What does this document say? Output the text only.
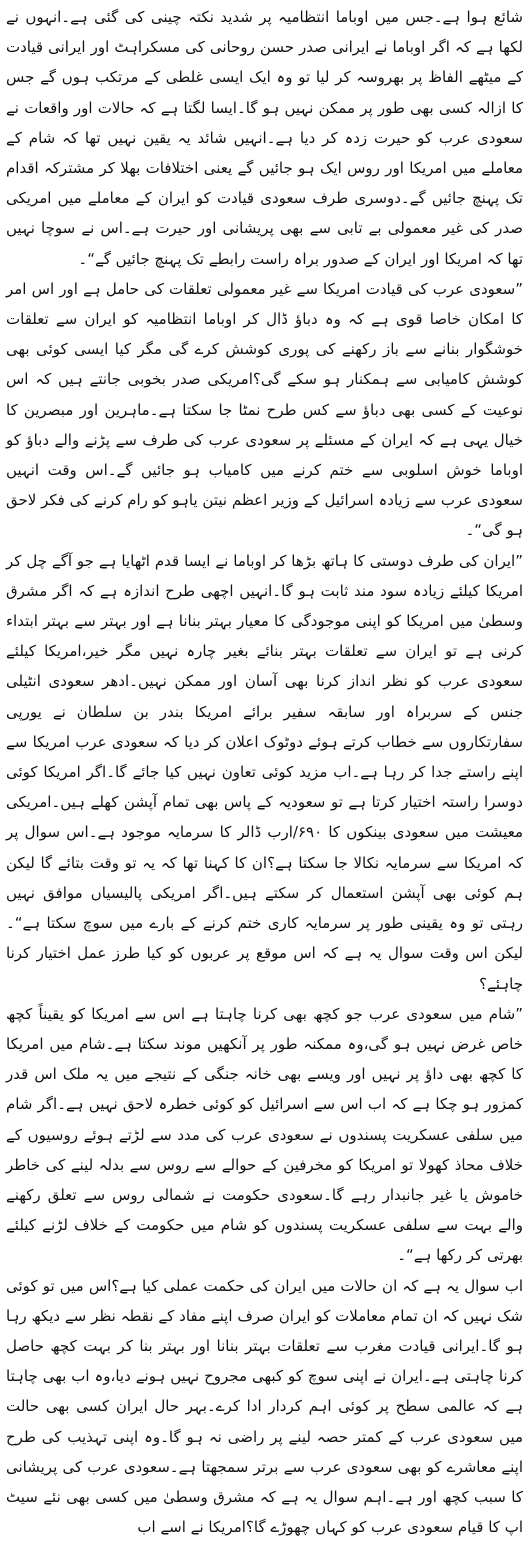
شائع ہوا ہے۔جس میں اوباما انتظامیہ پر شدید نکتہ چینی کی گئی ہے۔انہوں نے لکھا ہے کہ اگر اوباما نے ایرانی صدر حسن روحانی کی مسکراہٹ اور ایرانی قیادت کے میٹھے الفاظ پر بھروسہ کر لیا تو وہ ایک ایسی غلطی کے مرتکب ہوں گے جس کا ازالہ کسی بھی طور پر ممکن نہیں ہو گا۔ایسا لگتا ہے کہ حالات اور واقعات نے سعودی عرب کو حیرت زدہ کر دیا ہے۔انہیں شائد یہ یقین نہیں تھا کہ شام کے معاملے میں امریکا اور روس ایک ہو جائیں گے یعنی اختلافات بھلا کر مشترکہ اقدام تک پہنچ جائیں گے۔دوسری طرف سعودی قیادت کو ایران کے معاملے میں امریکی صدر کی غیر معمولی بے تابی سے بھی پریشانی اور حیرت ہے۔اس نے سوچا نہیں تھا کہ امریکا اور ایران کے صدور براہ راست رابطے تک پہنچ جائیں گے“۔

”سعودی عرب کی قیادت امریکا سے غیر معمولی تعلقات کی حامل ہے اور اس امر کا امکان خاصا قوی ہے کہ وہ دباؤ ڈال کر اوباما انتظامیہ کو ایران سے تعلقات خوشگوار بنانے سے باز رکھنے کی پوری کوشش کرے گی مگر کیا ایسی کوئی بھی کوشش کامیابی سے ہمکنار ہو سکے گی؟امریکی صدر بخوبی جانتے ہیں کہ اس نوعیت کے کسی بھی دباؤ سے کس طرح نمٹا جا سکتا ہے۔ماہرین اور مبصرین کا خیال یہی ہے کہ ایران کے مسئلے پر سعودی عرب کی طرف سے پڑنے والے دباؤ کو اوباما خوش اسلوبی سے ختم کرنے میں کامیاب ہو جائیں گے۔اس وقت انہیں سعودی عرب سے زیادہ اسرائیل کے وزیر اعظم نیتن یاہو کو رام کرنے کی فکر لاحق ہو گی“۔

”ایران کی طرف دوستی کا ہاتھ بڑھا کر اوباما نے ایسا قدم اٹھایا ہے جو آگے چل کر امریکا کیلئے زیادہ سود مند ثابت ہو گا۔انہیں اچھی طرح اندازہ ہے کہ اگر مشرق وسطیٰ میں امریکا کو اپنی موجودگی کا معیار بہتر بنانا ہے اور بہتر سے بہتر ابتداء کرنی ہے تو ایران سے تعلقات بہتر بنائے بغیر چارہ نہیں مگر خیر،امریکا کیلئے سعودی عرب کو نظر انداز کرنا بھی آسان اور ممکن نہیں۔ادھر سعودی انٹیلی جنس کے سربراہ اور سابقہ سفیر برائے امریکا بندر بن سلطان نے یورپی سفارتکاروں سے خطاب کرتے ہوئے دوٹوک اعلان کر دیا کہ سعودی عرب امریکا سے اپنے راستے جدا کر رہا ہے۔اب مزید کوئی تعاون نہیں کیا جائے گا۔اگر امریکا کوئی دوسرا راستہ اختیار کرتا ہے تو سعودیہ کے پاس بھی تمام آپشن کھلے ہیں۔امریکی معیشت میں سعودی بینکوں کا ۶۹۰/ارب ڈالر کا سرمایہ موجود ہے۔اس سوال پر کہ امریکا سے سرمایہ نکالا جا سکتا ہے؟ان کا کہنا تھا کہ یہ تو وقت بتائے گا لیکن ہم کوئی بھی آپشن استعمال کر سکتے ہیں۔اگر امریکی پالیسیاں موافق نہیں رہتی تو وہ یقینی طور پر سرمایہ کاری ختم کرنے کے بارے میں سوچ سکتا ہے“۔لیکن اس وقت سوال یہ ہے کہ اس موقع پر عربوں کو کیا طرز عمل اختیار کرنا چاہئے؟

”شام میں سعودی عرب جو کچھ بھی کرنا چاہتا ہے اس سے امریکا کو یقیناً کچھ خاص غرض نہیں ہو گی،وہ ممکنہ طور پر آنکھیں موند سکتا ہے۔شام میں امریکا کا کچھ بھی داؤ پر نہیں اور ویسے بھی خانہ جنگی کے نتیجے میں یہ ملک اس قدر کمزور ہو چکا ہے کہ اب اس سے اسرائیل کو کوئی خطرہ لاحق نہیں ہے۔اگر شام میں سلفی عسکریت پسندوں نے سعودی عرب کی مدد سے لڑتے ہوئے روسیوں کے خلاف محاذ کھولا تو امریکا کو مخرفین کے حوالے سے روس سے بدلہ لینے کی خاطر خاموش یا غیر جانبدار رہے گا۔سعودی حکومت نے شمالی روس سے تعلق رکھنے والے بہت سے سلفی عسکریت پسندوں کو شام میں حکومت کے خلاف لڑنے کیلئے بھرتی کر رکھا ہے“۔

اب سوال یہ ہے کہ ان حالات میں ایران کی حکمت عملی کیا ہے؟اس میں تو کوئی شک نہیں کہ ان تمام معاملات کو ایران صرف اپنے مفاد کے نقطہ نظر سے دیکھ رہا ہو گا۔ایرانی قیادت مغرب سے تعلقات بہتر بنانا اور بہتر بنا کر بہت کچھ حاصل کرنا چاہتی ہے۔ایران نے اپنی سوچ کو کبھی مجروح نہیں ہونے دیا،وہ اب بھی چاہتا ہے کہ عالمی سطح پر کوئی اہم کردار ادا کرے۔بہر حال ایران کسی بھی حالت میں سعودی عرب کے کمتر حصہ لینے پر راضی نہ ہو گا۔وہ اپنی تہذیب کی طرح اپنے معاشرے کو بھی سعودی عرب سے برتر سمجھتا ہے۔سعودی عرب کی پریشانی کا سبب کچھ اور ہے۔اہم سوال یہ ہے کہ مشرق وسطیٰ میں کسی بھی نئے سیٹ اپ کا قیام سعودی عرب کو کہاں چھوڑے گا؟امریکا نے اسے اب
